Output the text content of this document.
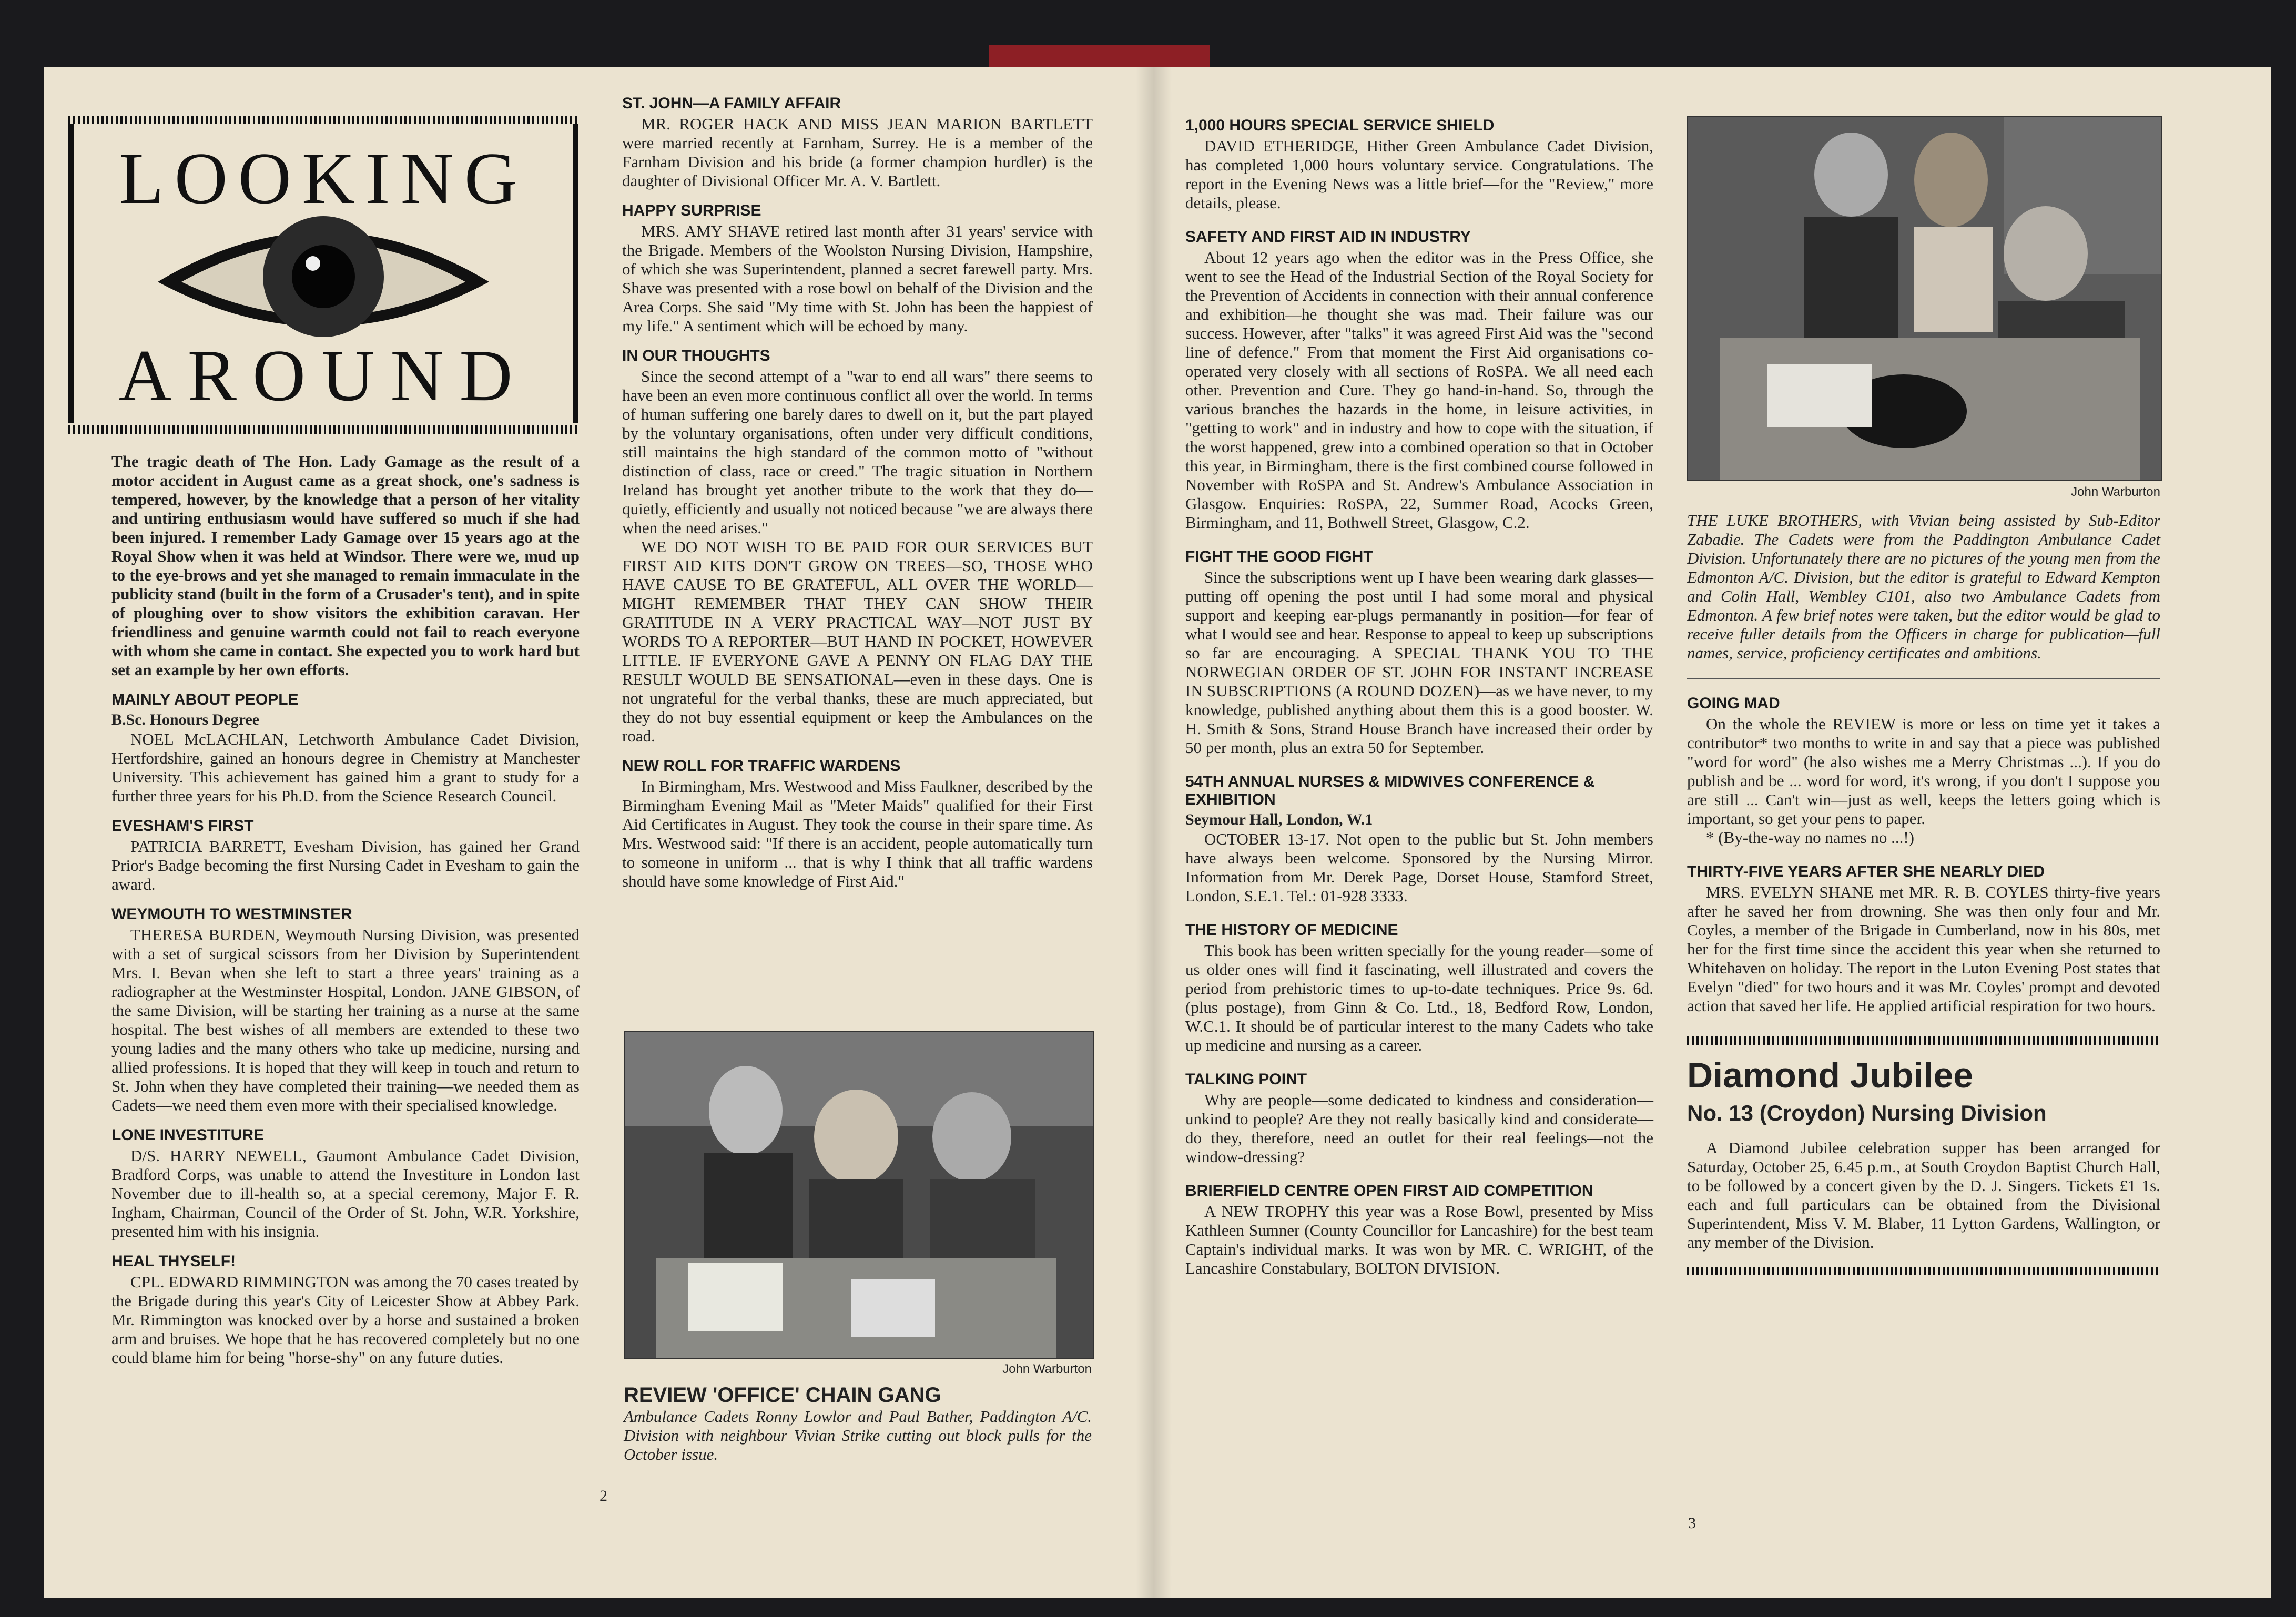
LOOKING
AROUND

The tragic death of The Hon. Lady Gamage as the result of a motor accident in August came as a great shock, one's sadness is tempered, however, by the knowledge that a person of her vitality and untiring enthusiasm would have suffered so much if she had been injured. I remember Lady Gamage over 15 years ago at the Royal Show when it was held at Windsor. There were we, mud up to the eye-brows and yet she managed to remain immaculate in the publicity stand (built in the form of a Crusader's tent), and in spite of ploughing over to show visitors the exhibition caravan. Her friendliness and genuine warmth could not fail to reach everyone with whom she came in contact. She expected you to work hard but set an example by her own efforts.

MAINLY ABOUT PEOPLE
B.Sc. Honours Degree

NOEL McLACHLAN, Letchworth Ambulance Cadet Division, Hertfordshire, gained an honours degree in Chemistry at Manchester University. This achievement has gained him a grant to study for a further three years for his Ph.D. from the Science Research Council.

EVESHAM'S FIRST

PATRICIA BARRETT, Evesham Division, has gained her Grand Prior's Badge becoming the first Nursing Cadet in Evesham to gain the award.

WEYMOUTH TO WESTMINSTER

THERESA BURDEN, Weymouth Nursing Division, was presented with a set of surgical scissors from her Division by Superintendent Mrs. I. Bevan when she left to start a three years' training as a radiographer at the Westminster Hospital, London. JANE GIBSON, of the same Division, will be starting her training as a nurse at the same hospital. The best wishes of all members are extended to these two young ladies and the many others who take up medicine, nursing and allied professions. It is hoped that they will keep in touch and return to St. John when they have completed their training—we needed them as Cadets—we need them even more with their specialised knowledge.

LONE INVESTITURE

D/S. HARRY NEWELL, Gaumont Ambulance Cadet Division, Bradford Corps, was unable to attend the Investiture in London last November due to ill-health so, at a special ceremony, Major F. R. Ingham, Chairman, Council of the Order of St. John, W.R. Yorkshire, presented him with his insignia.

HEAL THYSELF!

CPL. EDWARD RIMMINGTON was among the 70 cases treated by the Brigade during this year's City of Leicester Show at Abbey Park. Mr. Rimmington was knocked over by a horse and sustained a broken arm and bruises. We hope that he has recovered completely but no one could blame him for being "horse-shy" on any future duties.

2
ST. JOHN—A FAMILY AFFAIR

MR. ROGER HACK AND MISS JEAN MARION BARTLETT were married recently at Farnham, Surrey. He is a member of the Farnham Division and his bride (a former champion hurdler) is the daughter of Divisional Officer Mr. A. V. Bartlett.

HAPPY SURPRISE

MRS. AMY SHAVE retired last month after 31 years' service with the Brigade. Members of the Woolston Nursing Division, Hampshire, of which she was Superintendent, planned a secret farewell party. Mrs. Shave was presented with a rose bowl on behalf of the Division and the Area Corps. She said "My time with St. John has been the happiest of my life." A sentiment which will be echoed by many.

IN OUR THOUGHTS

Since the second attempt of a "war to end all wars" there seems to have been an even more continuous conflict all over the world. In terms of human suffering one barely dares to dwell on it, but the part played by the voluntary organisations, often under very difficult conditions, still maintains the high standard of the common motto of "without distinction of class, race or creed." The tragic situation in Northern Ireland has brought yet another tribute to the work that they do—quietly, efficiently and usually not noticed because "we are always there when the need arises."

WE DO NOT WISH TO BE PAID FOR OUR SERVICES BUT FIRST AID KITS DON'T GROW ON TREES—SO, THOSE WHO HAVE CAUSE TO BE GRATEFUL, ALL OVER THE WORLD—MIGHT REMEMBER THAT THEY CAN SHOW THEIR GRATITUDE IN A VERY PRACTICAL WAY—NOT JUST BY WORDS TO A REPORTER—BUT HAND IN POCKET, HOWEVER LITTLE. IF EVERYONE GAVE A PENNY ON FLAG DAY THE RESULT WOULD BE SENSATIONAL—even in these days. One is not ungrateful for the verbal thanks, these are much appreciated, but they do not buy essential equipment or keep the Ambulances on the road.

NEW ROLL FOR TRAFFIC WARDENS

In Birmingham, Mrs. Westwood and Miss Faulkner, described by the Birmingham Evening Mail as "Meter Maids" qualified for their First Aid Certificates in August. They took the course in their spare time. As Mrs. Westwood said: "If there is an accident, people automatically turn to someone in uniform ... that is why I think that all traffic wardens should have some knowledge of First Aid."

John Warburton
REVIEW 'OFFICE' CHAIN GANG

Ambulance Cadets Ronny Lowlor and Paul Bather, Paddington A/C. Division with neighbour Vivian Strike cutting out block pulls for the October issue.

1,000 HOURS SPECIAL SERVICE SHIELD

DAVID ETHERIDGE, Hither Green Ambulance Cadet Division, has completed 1,000 hours voluntary service. Congratulations. The report in the Evening News was a little brief—for the "Review," more details, please.

SAFETY AND FIRST AID IN INDUSTRY

About 12 years ago when the editor was in the Press Office, she went to see the Head of the Industrial Section of the Royal Society for the Prevention of Accidents in connection with their annual conference and exhibition—he thought she was mad. Their failure was our success. However, after "talks" it was agreed First Aid was the "second line of defence." From that moment the First Aid organisations co-operated very closely with all sections of RoSPA. We all need each other. Prevention and Cure. They go hand-in-hand. So, through the various branches the hazards in the home, in leisure activities, in "getting to work" and in industry and how to cope with the situation, if the worst happened, grew into a combined operation so that in October this year, in Birmingham, there is the first combined course followed in November with RoSPA and St. Andrew's Ambulance Association in Glasgow. Enquiries: RoSPA, 22, Summer Road, Acocks Green, Birmingham, and 11, Bothwell Street, Glasgow, C.2.

FIGHT THE GOOD FIGHT

Since the subscriptions went up I have been wearing dark glasses—putting off opening the post until I had some moral and physical support and keeping ear-plugs permanantly in position—for fear of what I would see and hear. Response to appeal to keep up subscriptions so far are encouraging. A SPECIAL THANK YOU TO THE NORWEGIAN ORDER OF ST. JOHN FOR INSTANT INCREASE IN SUBSCRIPTIONS (A ROUND DOZEN)—as we have never, to my knowledge, published anything about them this is a good booster. W. H. Smith & Sons, Strand House Branch have increased their order by 50 per month, plus an extra 50 for September.

54TH ANNUAL NURSES & MIDWIVES CONFERENCE & EXHIBITION
Seymour Hall, London, W.1

OCTOBER 13-17. Not open to the public but St. John members have always been welcome. Sponsored by the Nursing Mirror. Information from Mr. Derek Page, Dorset House, Stamford Street, London, S.E.1. Tel.: 01-928 3333.

THE HISTORY OF MEDICINE

This book has been written specially for the young reader—some of us older ones will find it fascinating, well illustrated and covers the period from prehistoric times to up-to-date techniques. Price 9s. 6d. (plus postage), from Ginn & Co. Ltd., 18, Bedford Row, London, W.C.1. It should be of particular interest to the many Cadets who take up medicine and nursing as a career.

TALKING POINT

Why are people—some dedicated to kindness and consideration—unkind to people? Are they not really basically kind and considerate—do they, therefore, need an outlet for their real feelings—not the window-dressing?

BRIERFIELD CENTRE OPEN FIRST AID COMPETITION

A NEW TROPHY this year was a Rose Bowl, presented by Miss Kathleen Sumner (County Councillor for Lancashire) for the best team Captain's individual marks. It was won by MR. C. WRIGHT, of the Lancashire Constabulary, BOLTON DIVISION.

John Warburton

THE LUKE BROTHERS, with Vivian being assisted by Sub-Editor Zabadie. The Cadets were from the Paddington Ambulance Cadet Division. Unfortunately there are no pictures of the young men from the Edmonton A/C. Division, but the editor is grateful to Edward Kempton and Colin Hall, Wembley C101, also two Ambulance Cadets from Edmonton. A few brief notes were taken, but the editor would be glad to receive fuller details from the Officers in charge for publication—full names, service, proficiency certificates and ambitions.

GOING MAD

On the whole the REVIEW is more or less on time yet it takes a contributor* two months to write in and say that a piece was published "word for word" (he also wishes me a Merry Christmas ...). If you do publish and be ... word for word, it's wrong, if you don't I suppose you are still ... Can't win—just as well, keeps the letters going which is important, so get your pens to paper.

* (By-the-way no names no ...!)

THIRTY-FIVE YEARS AFTER SHE NEARLY DIED

MRS. EVELYN SHANE met MR. R. B. COYLES thirty-five years after he saved her from drowning. She was then only four and Mr. Coyles, a member of the Brigade in Cumberland, now in his 80s, met her for the first time since the accident this year when she returned to Whitehaven on holiday. The report in the Luton Evening Post states that Evelyn "died" for two hours and it was Mr. Coyles' prompt and devoted action that saved her life. He applied artificial respiration for two hours.

Diamond Jubilee
No. 13 (Croydon) Nursing Division

A Diamond Jubilee celebration supper has been arranged for Saturday, October 25, 6.45 p.m., at South Croydon Baptist Church Hall, to be followed by a concert given by the D. J. Singers. Tickets £1 1s. each and full particulars can be obtained from the Divisional Superintendent, Miss V. M. Blaber, 11 Lytton Gardens, Wallington, or any member of the Division.

3
